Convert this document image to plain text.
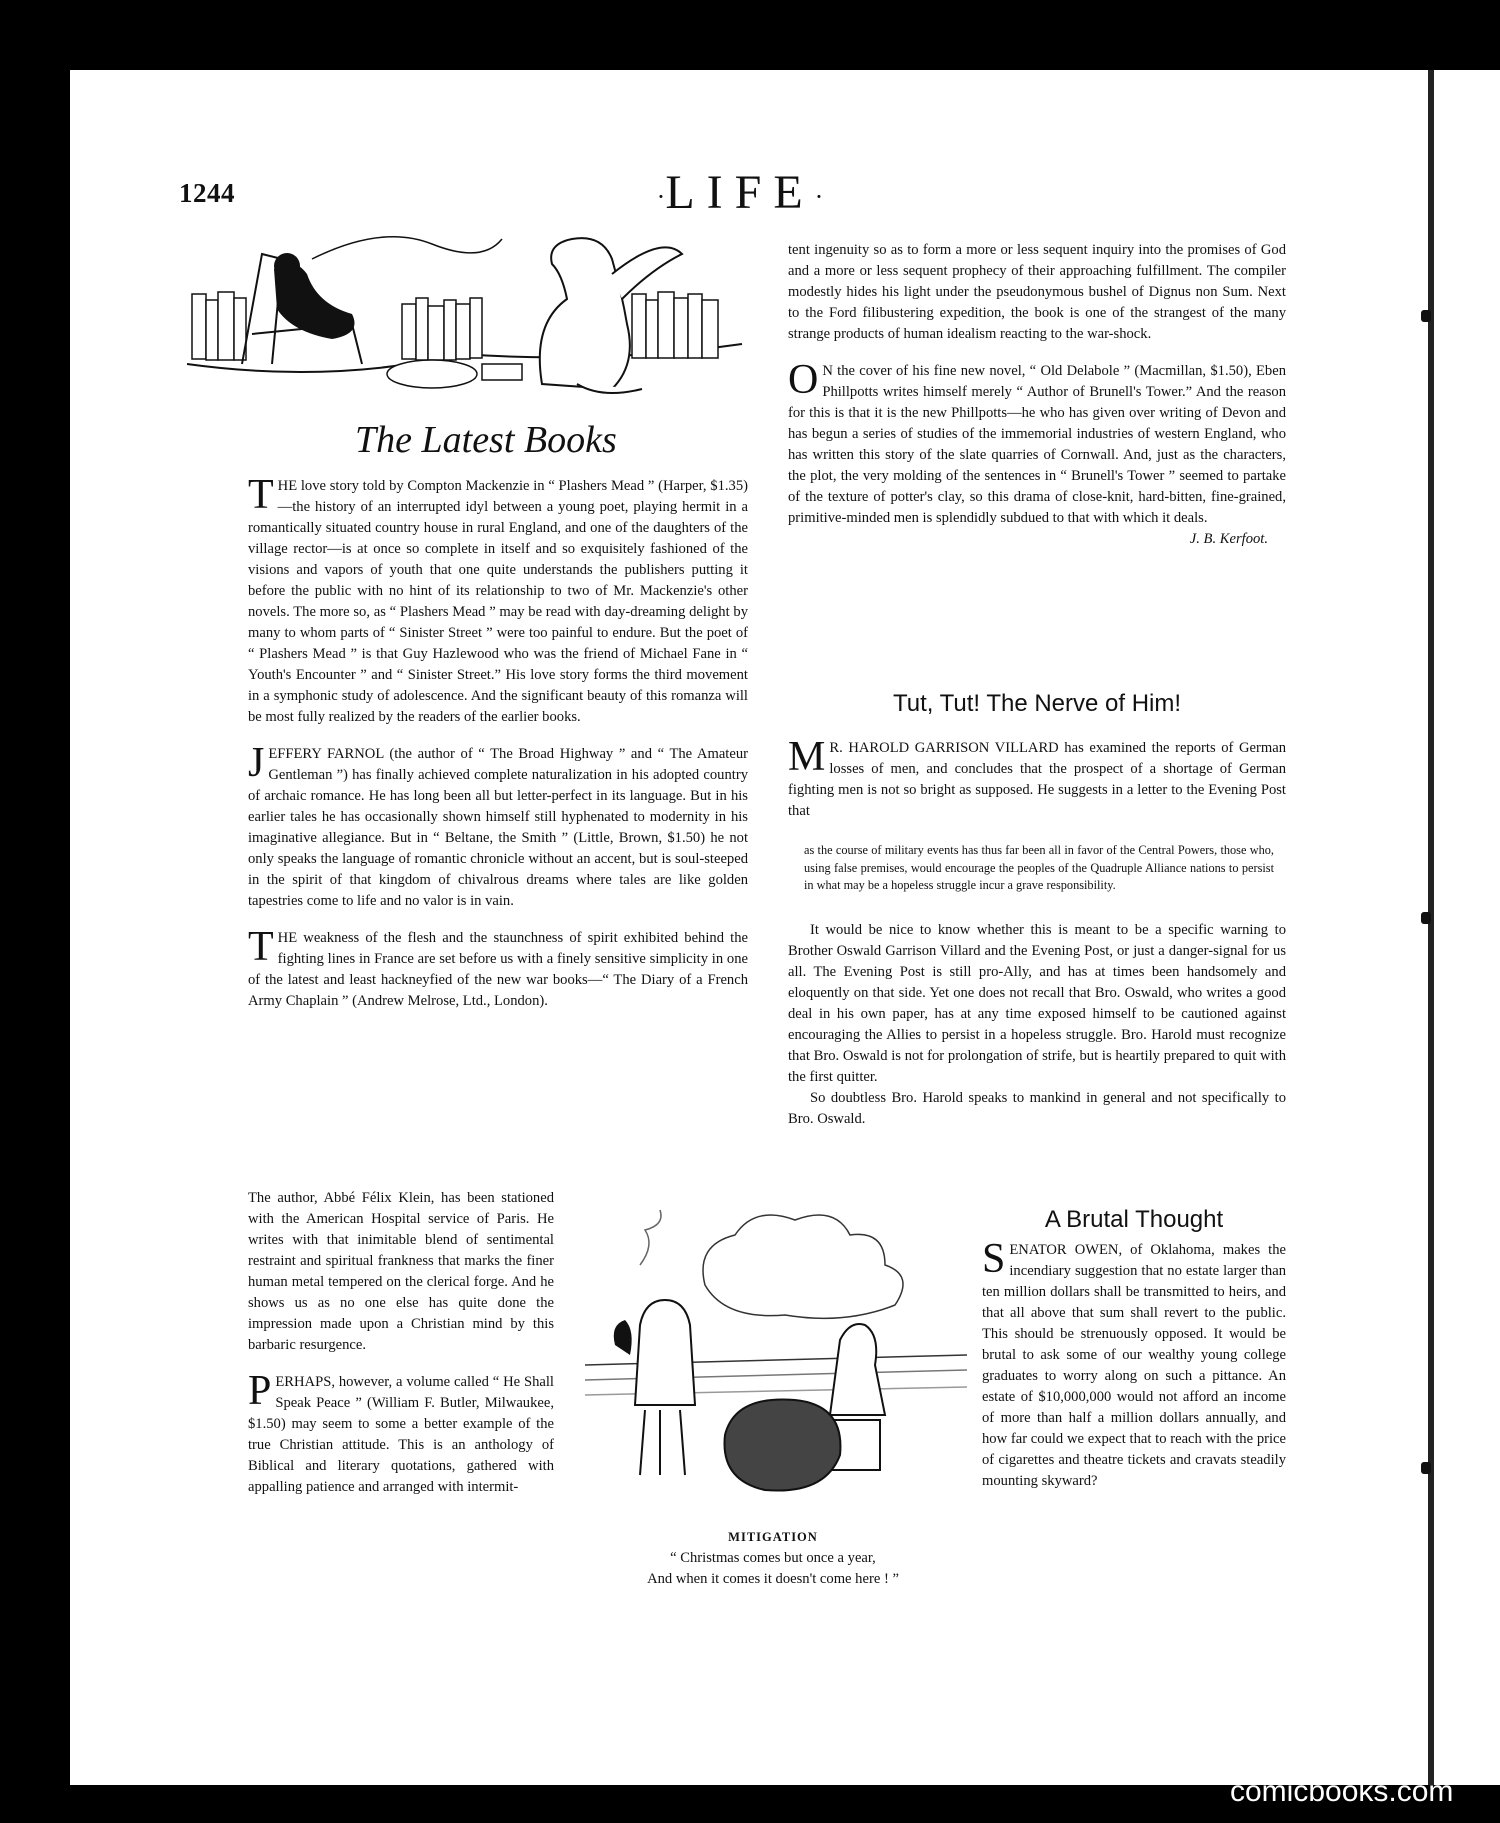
1244	·LIFE·
The Latest Books

THE love story told by Compton Mackenzie in “ Plashers Mead ” (Harper, $1.35)—the history of an interrupted idyl between a young poet, playing hermit in a romantically situated country house in rural England, and one of the daughters of the village rector—is at once so complete in itself and so exquisitely fashioned of the visions and vapors of youth that one quite understands the publishers putting it before the public with no hint of its relationship to two of Mr. Mackenzie's other novels. The more so, as “ Plashers Mead ” may be read with day-dreaming delight by many to whom parts of “ Sinister Street ” were too painful to endure. But the poet of “ Plashers Mead ” is that Guy Hazlewood who was the friend of Michael Fane in “ Youth's Encounter ” and “ Sinister Street.” His love story forms the third movement in a symphonic study of adolescence. And the significant beauty of this romanza will be most fully realized by the readers of the earlier books.

JEFFERY FARNOL (the author of “ The Broad Highway ” and “ The Amateur Gentleman ”) has finally achieved complete naturalization in his adopted country of archaic romance. He has long been all but letter-perfect in its language. But in his earlier tales he has occasionally shown himself still hyphenated to modernity in his imaginative allegiance. But in “ Beltane, the Smith ” (Little, Brown, $1.50) he not only speaks the language of romantic chronicle without an accent, but is soul-steeped in the spirit of that kingdom of chivalrous dreams where tales are like golden tapestries come to life and no valor is in vain.

THE weakness of the flesh and the staunchness of spirit exhibited behind the fighting lines in France are set before us with a finely sensitive simplicity in one of the latest and least hackneyfied of the new war books—“ The Diary of a French Army Chaplain ” (Andrew Melrose, Ltd., London).

The author, Abbé Félix Klein, has been stationed with the American Hospital service of Paris. He writes with that inimitable blend of sentimental restraint and spiritual frankness that marks the finer human metal tempered on the clerical forge. And he shows us as no one else has quite done the impression made upon a Christian mind by this barbaric resurgence.

PERHAPS, however, a volume called “ He Shall Speak Peace ” (William F. Butler, Milwaukee, $1.50) may seem to some a better example of the true Christian attitude. This is an anthology of Biblical and literary quotations, gathered with appalling patience and arranged with intermit-

tent ingenuity so as to form a more or less sequent inquiry into the promises of God and a more or less sequent prophecy of their approaching fulfillment. The compiler modestly hides his light under the pseudonymous bushel of Dignus non Sum. Next to the Ford filibustering expedition, the book is one of the strangest of the many strange products of human idealism reacting to the war-shock.

O N the cover of his fine new novel, “ Old Delabole ” (Macmillan, $1.50), Eben Phillpotts writes himself merely “ Author of Brunell's Tower.” And the reason for this is that it is the new Phillpotts—he who has given over writing of Devon and has begun a series of studies of the immemorial industries of western England, who has written this story of the slate quarries of Cornwall. And, just as the characters, the plot, the very molding of the sentences in “ Brunell's Tower ” seemed to partake of the texture of potter's clay, so this drama of close-knit, hard-bitten, fine-grained, primitive-minded men is splendidly subdued to that with which it deals.

J. B. Kerfoot.

Tut, Tut! The Nerve of Him!

M R. HAROLD GARRISON VILLARD has examined the reports of German losses of men, and concludes that the prospect of a shortage of German fighting men is not so bright as supposed. He suggests in a letter to the Evening Post that

It would be nice to know whether this is meant to be a specific warning to Brother Oswald Garrison Villard and the Evening Post, or just a danger-signal for us all. The Evening Post is still pro-Ally, and has at times been handsomely and eloquently on that side. Yet one does not recall that Bro. Oswald, who writes a good deal in his own paper, has at any time exposed himself to be cautioned against encouraging the Allies to persist in a hopeless struggle. Bro. Harold must recognize that Bro. Oswald is not for prolongation of strife, but is heartily prepared to quit with the first quitter.

So doubtless Bro. Harold speaks to mankind in general and not specifically to Bro. Oswald.

as the course of military events has thus far been all in favor of the Central Powers, those who, using false premises, would encourage the peoples of the Quadruple Alliance nations to persist in what may be a hopeless struggle incur a grave responsibility.
A Brutal Thought

SENATOR OWEN, of Oklahoma, makes the incendiary suggestion that no estate larger than ten million dollars shall be transmitted to heirs, and that all above that sum shall revert to the public. This should be strenuously opposed. It would be brutal to ask some of our wealthy young college graduates to worry along on such a pittance. An estate of $10,000,000 would not afford an income of more than half a million dollars annually, and how far could we expect that to reach with the price of cigarettes and theatre tickets and cravats steadily mounting skyward?

MITIGATION
“ Christmas comes but once a year,
And when it comes it doesn't come here ! ”
comicbooks.com
